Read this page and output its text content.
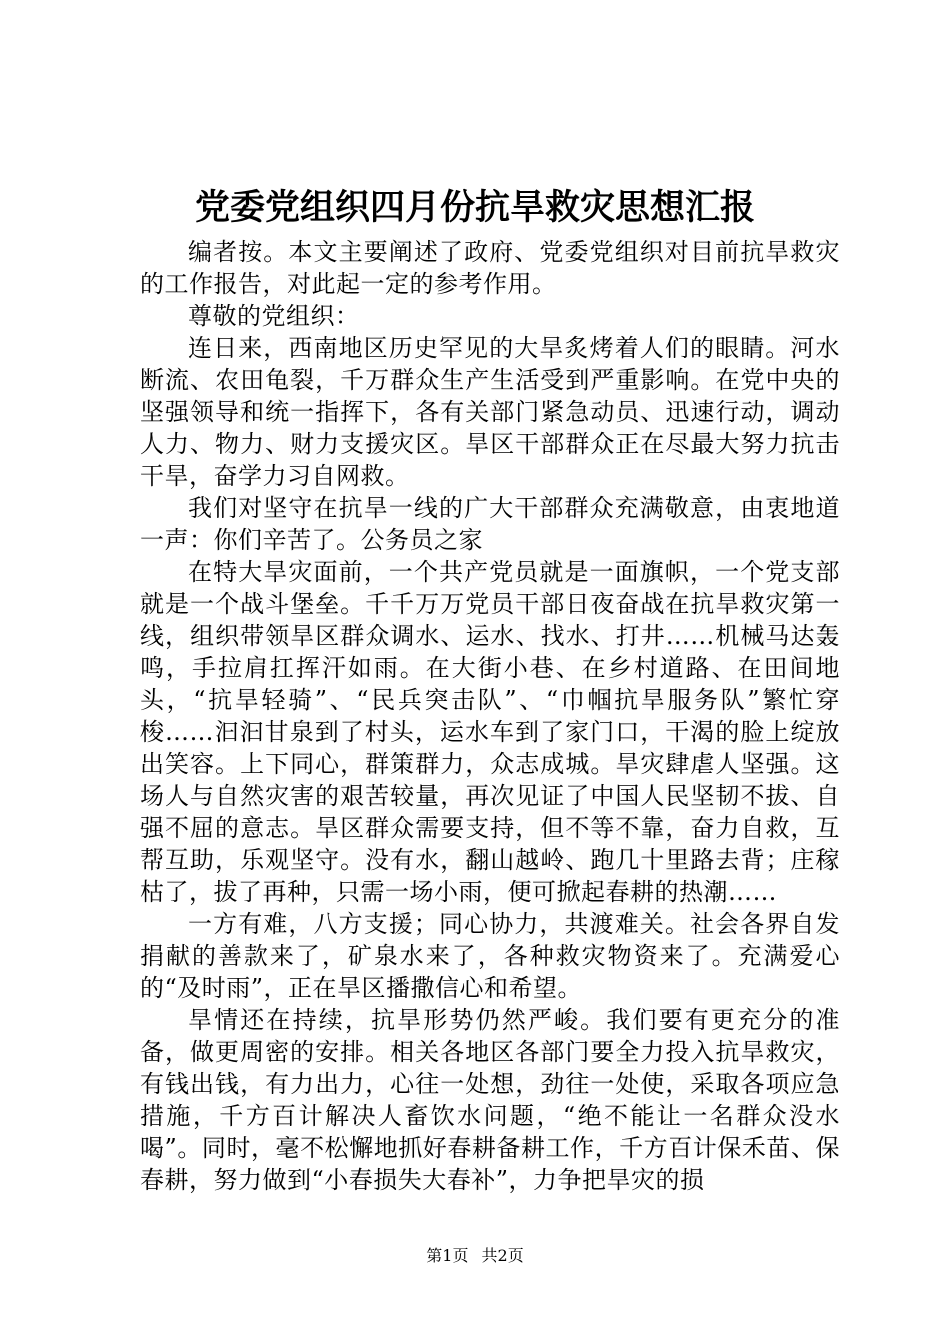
党委党组织四月份抗旱救灾思想汇报

编者按。本文主要阐述了政府、党委党组织对目前抗旱救灾的工作报告，对此起一定的参考作用。

尊敬的党组织：

连日来，西南地区历史罕见的大旱炙烤着人们的眼睛。河水断流、农田龟裂，千万群众生产生活受到严重影响。在党中央的坚强领导和统一指挥下，各有关部门紧急动员、迅速行动，调动人力、物力、财力支援灾区。旱区干部群众正在尽最大努力抗击干旱，奋学力习自网救。

我们对坚守在抗旱一线的广大干部群众充满敬意，由衷地道一声：你们辛苦了。公务员之家

在特大旱灾面前，一个共产党员就是一面旗帜，一个党支部就是一个战斗堡垒。千千万万党员干部日夜奋战在抗旱救灾第一线，组织带领旱区群众调水、运水、找水、打井……机械马达轰鸣，手拉肩扛挥汗如雨。在大街小巷、在乡村道路、在田间地头，“抗旱轻骑”、“民兵突击队”、“巾帼抗旱服务队”繁忙穿梭……汩汩甘泉到了村头，运水车到了家门口，干渴的脸上绽放出笑容。上下同心，群策群力，众志成城。旱灾肆虐人坚强。这场人与自然灾害的艰苦较量，再次见证了中国人民坚韧不拔、自强不屈的意志。旱区群众需要支持，但不等不靠，奋力自救，互帮互助，乐观坚守。没有水，翻山越岭、跑几十里路去背；庄稼枯了，拔了再种，只需一场小雨，便可掀起春耕的热潮……

一方有难，八方支援；同心协力，共渡难关。社会各界自发捐献的善款来了，矿泉水来了，各种救灾物资来了。充满爱心的“及时雨”，正在旱区播撒信心和希望。

旱情还在持续，抗旱形势仍然严峻。我们要有更充分的准备，做更周密的安排。相关各地区各部门要全力投入抗旱救灾，有钱出钱，有力出力，心往一处想，劲往一处使，采取各项应急措施，千方百计解决人畜饮水问题，“绝不能让一名群众没水喝”。同时，毫不松懈地抓好春耕备耕工作，千方百计保禾苗、保春耕，努力做到“小春损失大春补”，力争把旱灾的损

第1页 共2页
